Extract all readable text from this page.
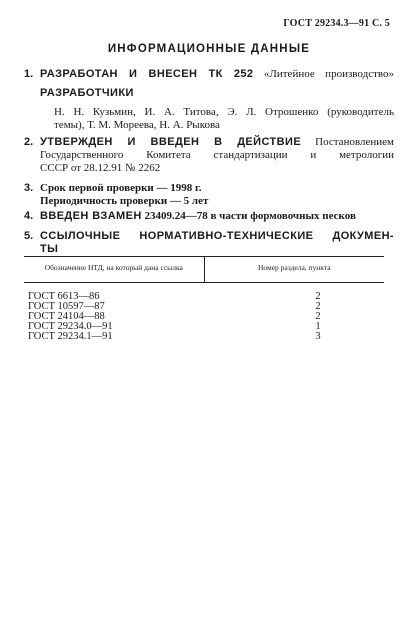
ГОСТ 29234.3—91 С. 5
ИНФОРМАЦИОННЫЕ ДАННЫЕ
1. РАЗРАБОТАН И ВНЕСЕН ТК 252 «Литейное производство»
РАЗРАБОТЧИКИ
Н. Н. Кузьмин, И. А. Титова, Э. Л. Отрошенко (руководитель
темы), Т. М. Мореева, Н. А. Рыкова
2. УТВЕРЖДЕН И ВВЕДЕН В ДЕЙСТВИЕ Постановлением
Государственного Комитета стандартизации и метрологии
СССР от 28.12.91 № 2262
3. Срок первой проверки — 1998 г.
Периодичность проверки — 5 лет
4. ВВЕДЕН ВЗАМЕН 23409.24—78 в части формовочных песков
5. ССЫЛОЧНЫЕ НОРМАТИВНО-ТЕХНИЧЕСКИЕ ДОКУМЕН-
ТЫ
Обозначение НТД, на который дана ссылка	Номер раздела, пункта
ГОСТ 6613—86	2
ГОСТ 10597—87	2
ГОСТ 24104—88	2
ГОСТ 29234.0—91	1
ГОСТ 29234.1—91	3
